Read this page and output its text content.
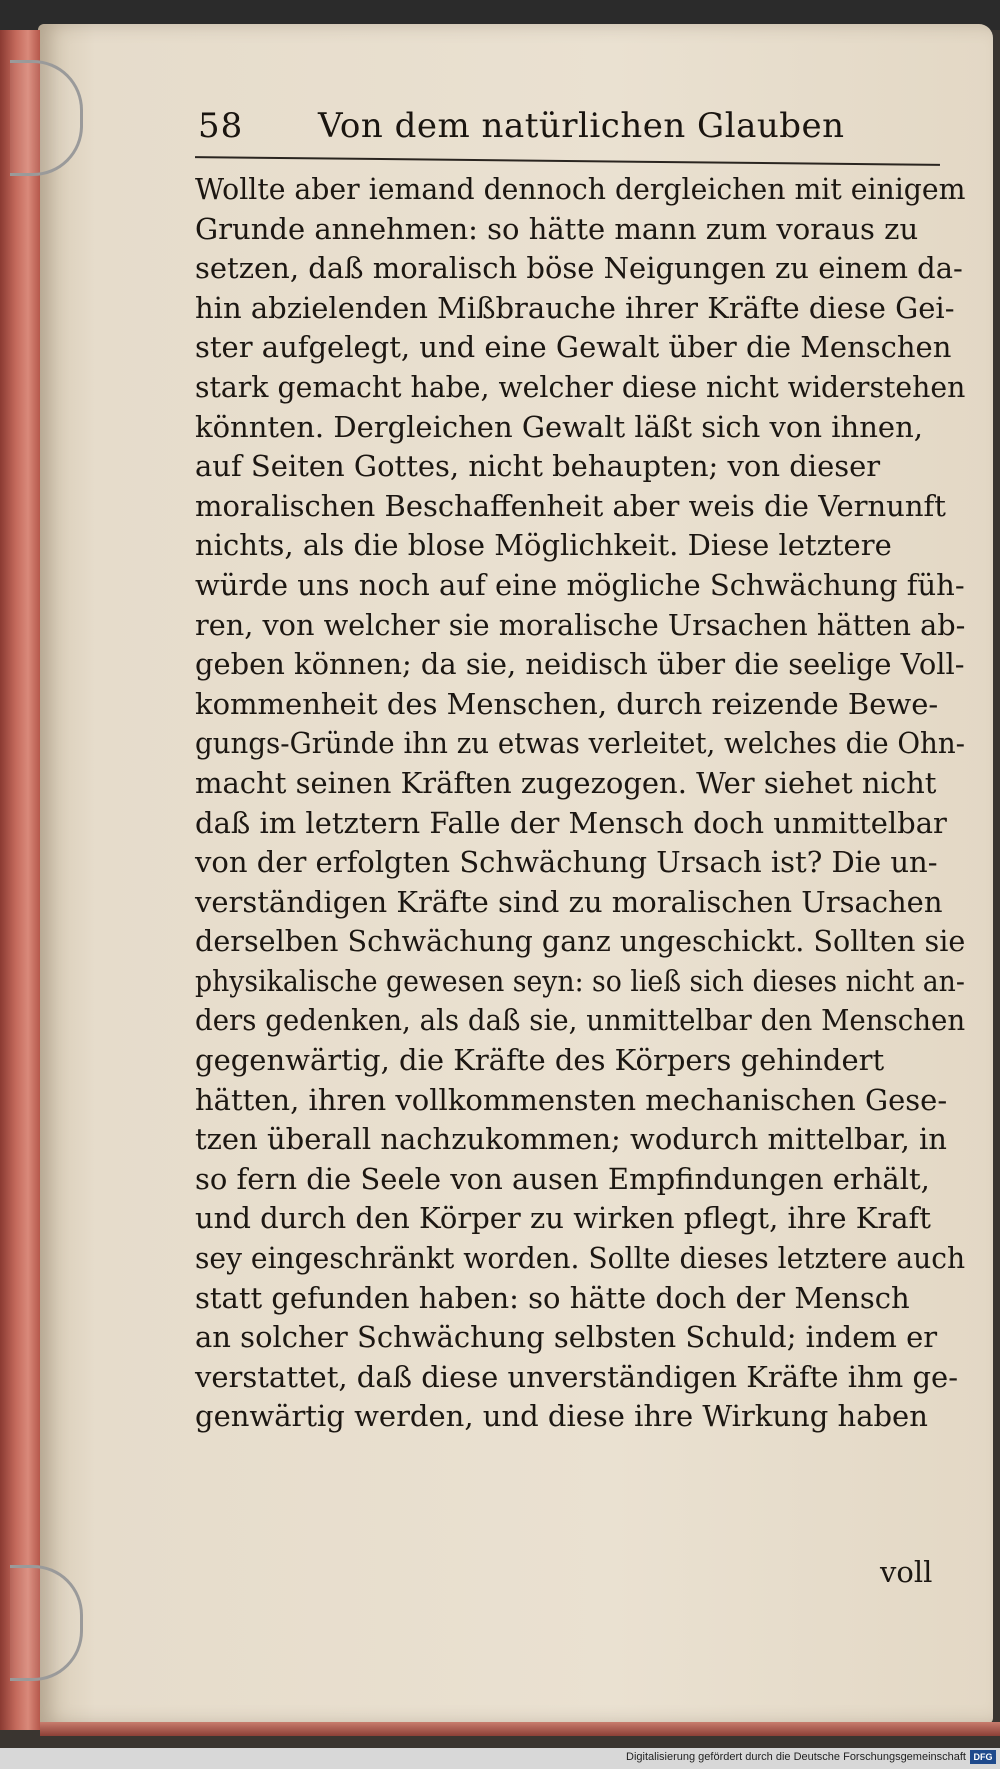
58 Von dem natürlichen Glauben
Wollte aber iemand dennoch dergleichen mit einigem
Grunde annehmen: so hätte mann zum voraus zu
setzen, daß moralisch böse Neigungen zu einem da-
hin abzielenden Mißbrauche ihrer Kräfte diese Gei-
ster aufgelegt, und eine Gewalt über die Menschen
stark gemacht habe, welcher diese nicht widerstehen
könnten. Dergleichen Gewalt läßt sich von ihnen,
auf Seiten Gottes, nicht behaupten; von dieser
moralischen Beschaffenheit aber weis die Vernunft
nichts, als die blose Möglichkeit. Diese letztere
würde uns noch auf eine mögliche Schwächung füh-
ren, von welcher sie moralische Ursachen hätten ab-
geben können; da sie, neidisch über die seelige Voll-
kommenheit des Menschen, durch reizende Bewe-
gungs-Gründe ihn zu etwas verleitet, welches die Ohn-
macht seinen Kräften zugezogen. Wer siehet nicht
daß im letztern Falle der Mensch doch unmittelbar
von der erfolgten Schwächung Ursach ist? Die un-
verständigen Kräfte sind zu moralischen Ursachen
derselben Schwächung ganz ungeschickt. Sollten sie
physikalische gewesen seyn: so ließ sich dieses nicht an-
ders gedenken, als daß sie, unmittelbar den Menschen
gegenwärtig, die Kräfte des Körpers gehindert
hätten, ihren vollkommensten mechanischen Gese-
tzen überall nachzukommen; wodurch mittelbar, in
so fern die Seele von ausen Empfindungen erhält,
und durch den Körper zu wirken pflegt, ihre Kraft
sey eingeschränkt worden. Sollte dieses letztere auch
statt gefunden haben: so hätte doch der Mensch
an solcher Schwächung selbsten Schuld; indem er
verstattet, daß diese unverständigen Kräfte ihm ge-
genwärtig werden, und diese ihre Wirkung haben
voll
Digitalisierung gefördert durch die Deutsche Forschungsgemeinschaft DFG
